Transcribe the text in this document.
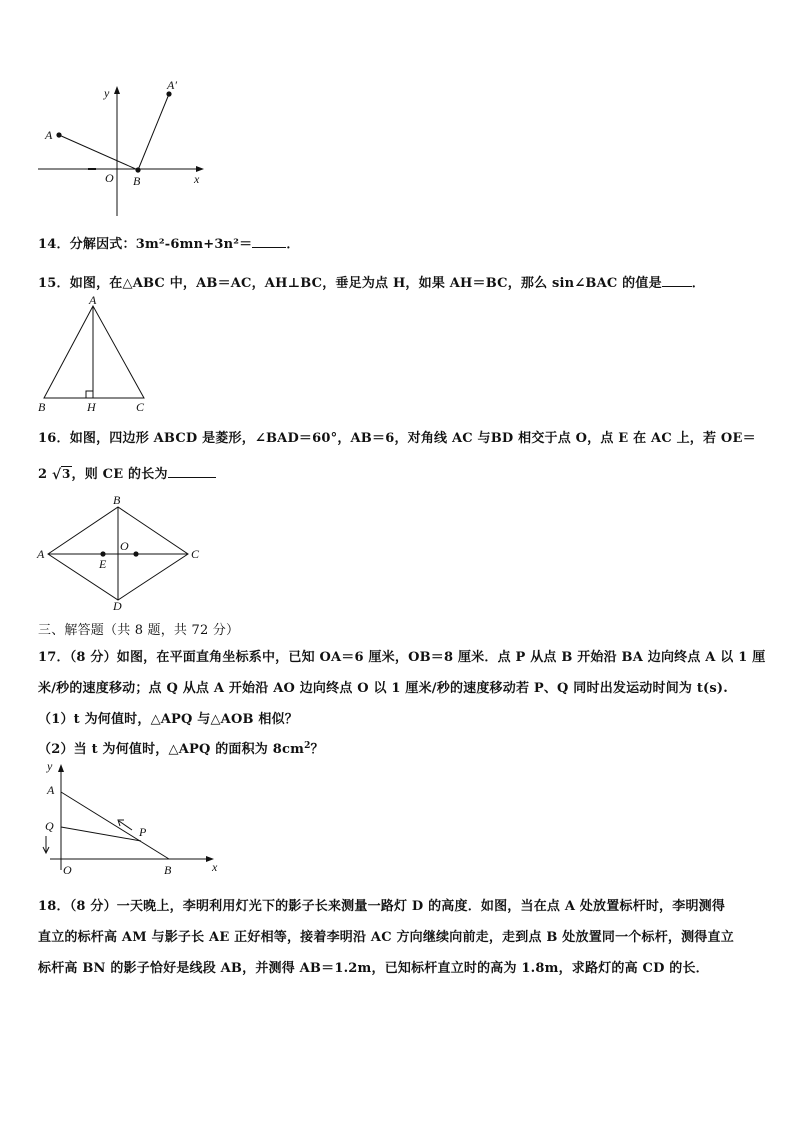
y
A
A′
O B	x
14．分解因式：3m²-6mn+3n²＝	．
15．如图，在△ABC 中，AB＝AC，AH⊥BC，垂足为点 H，如果 AH＝BC，那么 sin∠BAC 的值是 ．
A
B	H	C
16．如图，四边形 ABCD 是菱形，∠BAD＝60°，AB＝6，对角线 AC 与BD 相交于点 O，点 E 在 AC 上，若 OE＝
2 √ 3，则 CE 的长为
A
B
C
D
O
E
三、解答题（共 8 题，共 72 分）
17．（8 分）如图，在平面直角坐标系中，已知 OA＝6 厘米，OB＝8 厘米．点 P 从点 B 开始沿 BA 边向终点 A 以 1 厘
米/秒的速度移动；点 Q 从点 A 开始沿 AO 边向终点 O 以 1 厘米/秒的速度移动若 P、Q 同时出发运动时间为 t(s).
（1）t 为何值时，△APQ 与△AOB 相似？
（2）当 t 为何值时，△APQ 的面积为 $8cm^2$？
y
A
Q	P
O	B	x
18．（8 分）一天晚上，李明利用灯光下的影子长来测量一路灯 D 的高度．如图，当在点 A 处放置标杆时，李明测得
直立的标杆高 AM 与影子长 AE 正好相等，接着李明沿 AC 方向继续向前走，走到点 B 处放置同一个标杆，测得直立
标杆高 BN 的影子恰好是线段 AB，并测得 AB＝1.2m，已知标杆直立时的高为 1.8m，求路灯的高 CD 的长．
